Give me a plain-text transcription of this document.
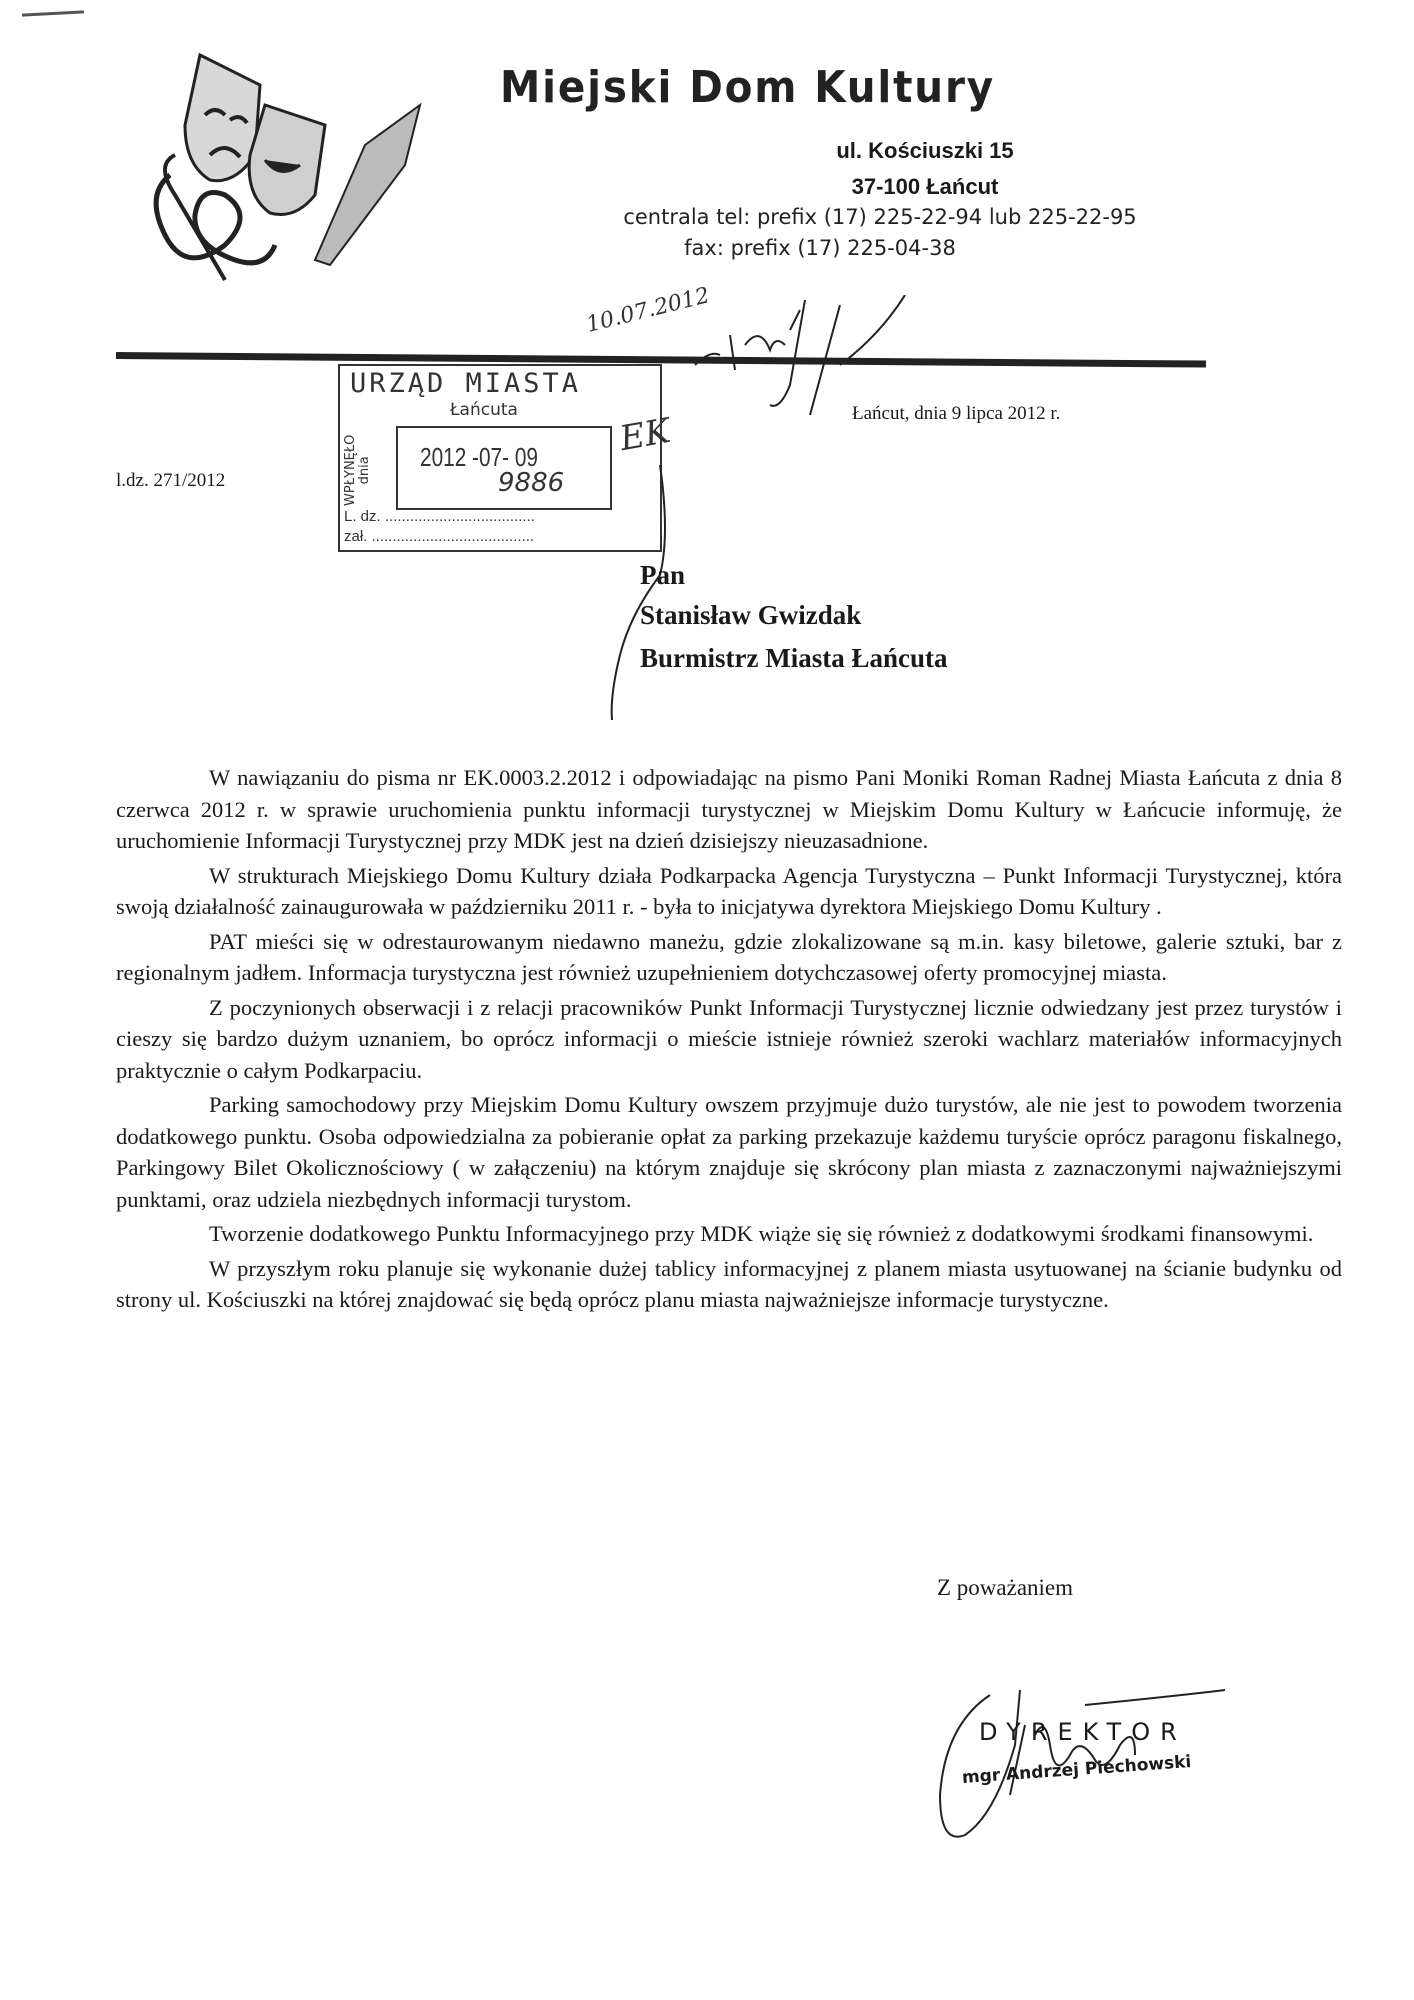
Miejski Dom Kultury
ul. Kościuszki 15
37-100 Łańcut
centrala tel: prefix (17) 225-22-94 lub 225-22-95
fax: prefix (17) 225-04-38
10.07.2012
URZĄD MIASTA
Łańcuta
WPŁYNĘŁO dnia 2012 -07- 09
9886
L. dz. ....................................
zał. .......................................
EK
l.dz. 271/2012
Łańcut, dnia 9 lipca 2012 r.
Pan
Stanisław Gwizdak
Burmistrz Miasta Łańcuta

W nawiązaniu do pisma nr EK.0003.2.2012 i odpowiadając na pismo Pani Moniki Roman Radnej Miasta Łańcuta z dnia 8 czerwca 2012 r. w sprawie uruchomienia punktu informacji turystycznej w Miejskim Domu Kultury w Łańcucie informuję, że uruchomienie Informacji Turystycznej przy MDK jest na dzień dzisiejszy nieuzasadnione.

W strukturach Miejskiego Domu Kultury działa Podkarpacka Agencja Turystyczna – Punkt Informacji Turystycznej, która swoją działalność zainaugurowała w październiku 2011 r. - była to inicjatywa dyrektora Miejskiego Domu Kultury .

PAT mieści się w odrestaurowanym niedawno maneżu, gdzie zlokalizowane są m.in. kasy biletowe, galerie sztuki, bar z regionalnym jadłem. Informacja turystyczna jest również uzupełnieniem dotychczasowej oferty promocyjnej miasta.

Z poczynionych obserwacji i z relacji pracowników Punkt Informacji Turystycznej licznie odwiedzany jest przez turystów i cieszy się bardzo dużym uznaniem, bo oprócz informacji o mieście istnieje również szeroki wachlarz materiałów informacyjnych praktycznie o całym Podkarpaciu.

Parking samochodowy przy Miejskim Domu Kultury owszem przyjmuje dużo turystów, ale nie jest to powodem tworzenia dodatkowego punktu. Osoba odpowiedzialna za pobieranie opłat za parking przekazuje każdemu turyście oprócz paragonu fiskalnego, Parkingowy Bilet Okolicznościowy ( w załączeniu) na którym znajduje się skrócony plan miasta z zaznaczonymi najważniejszymi punktami, oraz udziela niezbędnych informacji turystom.

Tworzenie dodatkowego Punktu Informacyjnego przy MDK wiąże się się również z dodatkowymi środkami finansowymi.

W przyszłym roku planuje się wykonanie dużej tablicy informacyjnej z planem miasta usytuowanej na ścianie budynku od strony ul. Kościuszki na której znajdować się będą oprócz planu miasta najważniejsze informacje turystyczne.

Z poważaniem
DYREKTOR
mgr Andrzej Piechowski
